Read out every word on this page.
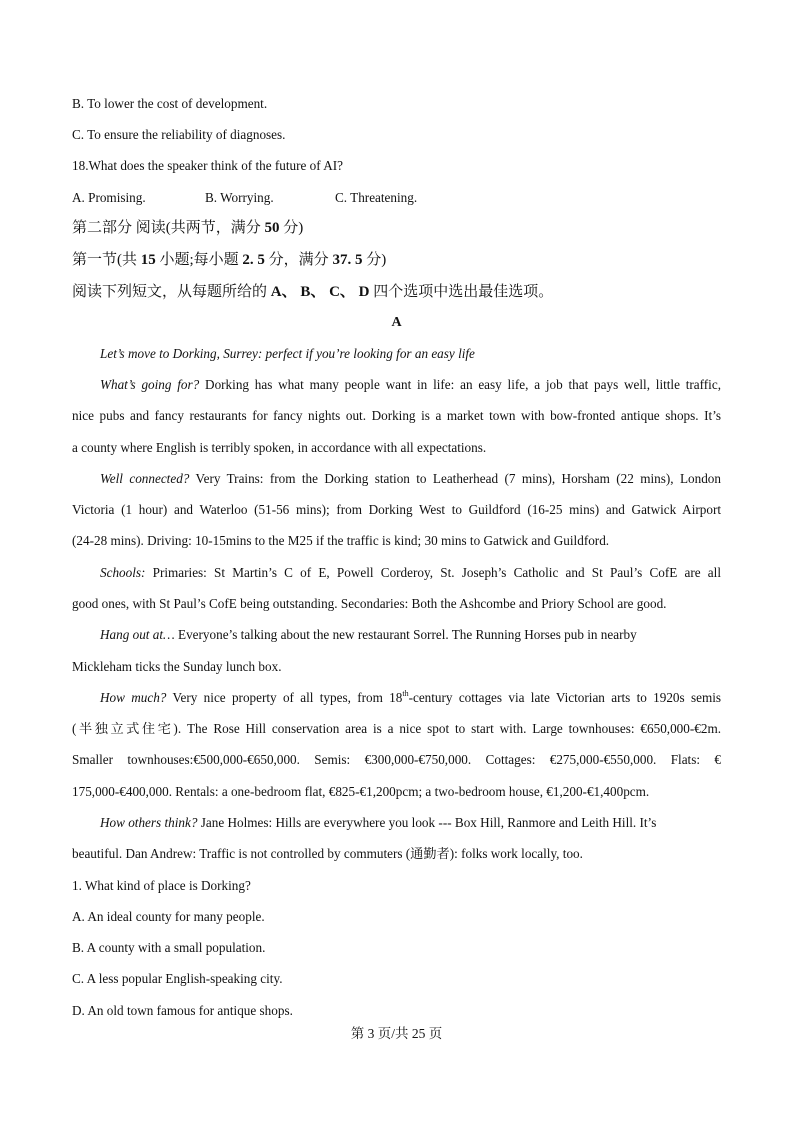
B. To lower the cost of development.
C. To ensure the reliability of diagnoses.
18.What does the speaker think of the future of AI?
A. Promising.	B. Worrying.	C. Threatening.
第二部分 阅读(共两节，满分 50 分)
第一节(共 15 小题;每小题 2. 5 分，满分 37. 5 分)
阅读下列短文，从每题所给的 A、 B、 C、 D 四个选项中选出最佳选项。
A
Let’s move to Dorking, Surrey: perfect if you’re looking for an easy life
What’s going for? Dorking has what many people want in life: an easy life, a job that pays well, little traffic,
nice pubs and fancy restaurants for fancy nights out. Dorking is a market town with bow-fronted antique shops. It’s
a county where English is terribly spoken, in accordance with all expectations.
Well connected? Very Trains: from the Dorking station to Leatherhead (7 mins), Horsham (22 mins), London
Victoria (1 hour) and Waterloo (51-56 mins); from Dorking West to Guildford (16-25 mins) and Gatwick Airport
(24-28 mins). Driving: 10-15mins to the M25 if the traffic is kind; 30 mins to Gatwick and Guildford.
Schools: Primaries: St Martin’s C of E, Powell Corderoy, St. Joseph’s Catholic and St Paul’s CofE are all
good ones, with St Paul’s CofE being outstanding. Secondaries: Both the Ashcombe and Priory School are good.
Hang out at… Everyone’s talking about the new restaurant Sorrel. The Running Horses pub in nearby
Mickleham ticks the Sunday lunch box.
How much? Very nice property of all types, from 18th-century cottages via late Victorian arts to 1920s semis
(半独立式住宅). The Rose Hill conservation area is a nice spot to start with. Large townhouses: €650,000-€2m.
Smaller townhouses:€500,000-€650,000. Semis: €300,000-€750,000. Cottages: €275,000-€550,000. Flats: €
175,000-€400,000. Rentals: a one-bedroom flat, €825-€1,200pcm; a two-bedroom house, €1,200-€1,400pcm.
How others think? Jane Holmes: Hills are everywhere you look --- Box Hill, Ranmore and Leith Hill. It’s
beautiful. Dan Andrew: Traffic is not controlled by commuters (通勤者): folks work locally, too.
1. What kind of place is Dorking?
A. An ideal county for many people.
B. A county with a small population.
C. A less popular English-speaking city.
D. An old town famous for antique shops.
第 3 页/共 25 页
